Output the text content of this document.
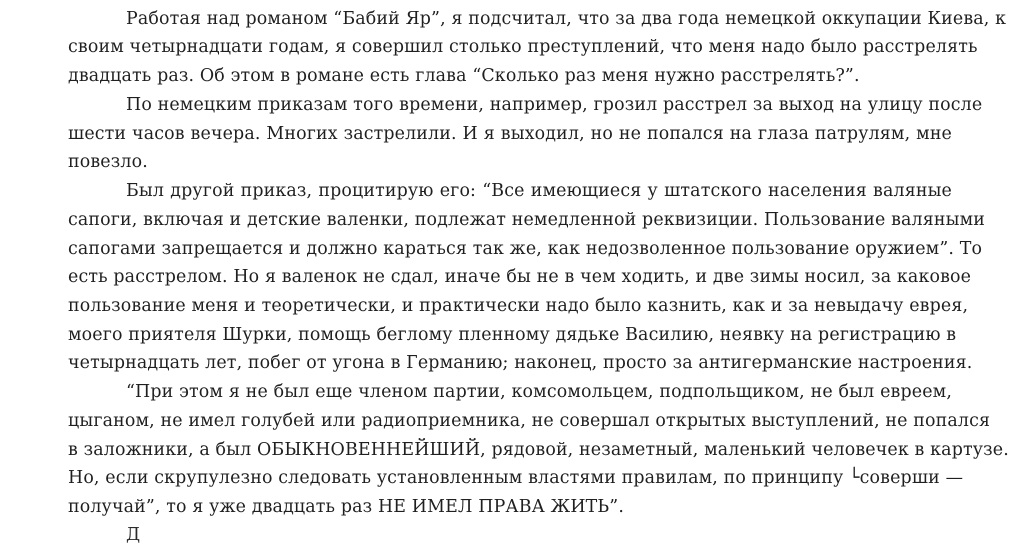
Работая над романом “Бабий Яр”, я подсчитал, что за два года немецкой оккупации Киева, к
своим четырнадцати годам, я совершил столько преступлений, что меня надо было расстрелять
двадцать раз. Об этом в романе есть глава “Сколько раз меня нужно расстрелять?”.
По немецким приказам того времени, например, грозил расстрел за выход на улицу после
шести часов вечера. Многих застрелили. И я выходил, но не попался на глаза патрулям, мне
повезло.
Был другой приказ, процитирую его: “Все имеющиеся у штатского населения валяные
сапоги, включая и детские валенки, подлежат немедленной реквизиции. Пользование валяными
сапогами запрещается и должно караться так же, как недозволенное пользование оружием”. То
есть расстрелом. Но я валенок не сдал, иначе бы не в чем ходить, и две зимы носил, за каковое
пользование меня и теоретически, и практически надо было казнить, как и за невыдачу еврея,
моего приятеля Шурки, помощь беглому пленному дядьке Василию, неявку на регистрацию в
четырнадцать лет, побег от угона в Германию; наконец, просто за антигерманские настроения.
“При этом я не был еще членом партии, комсомольцем, подпольщиком, не был евреем,
цыганом, не имел голубей или радиоприемника, не совершал открытых выступлений, не попался
в заложники, а был ОБЫКНОВЕННЕЙШИЙ, рядовой, незаметный, маленький человечек в картузе.
Но, если скрупулезно следовать установленным властями правилам, по принципу └соверши —
получай”, то я уже двадцать раз НЕ ИМЕЛ ПРАВА ЖИТЬ”.
Д
